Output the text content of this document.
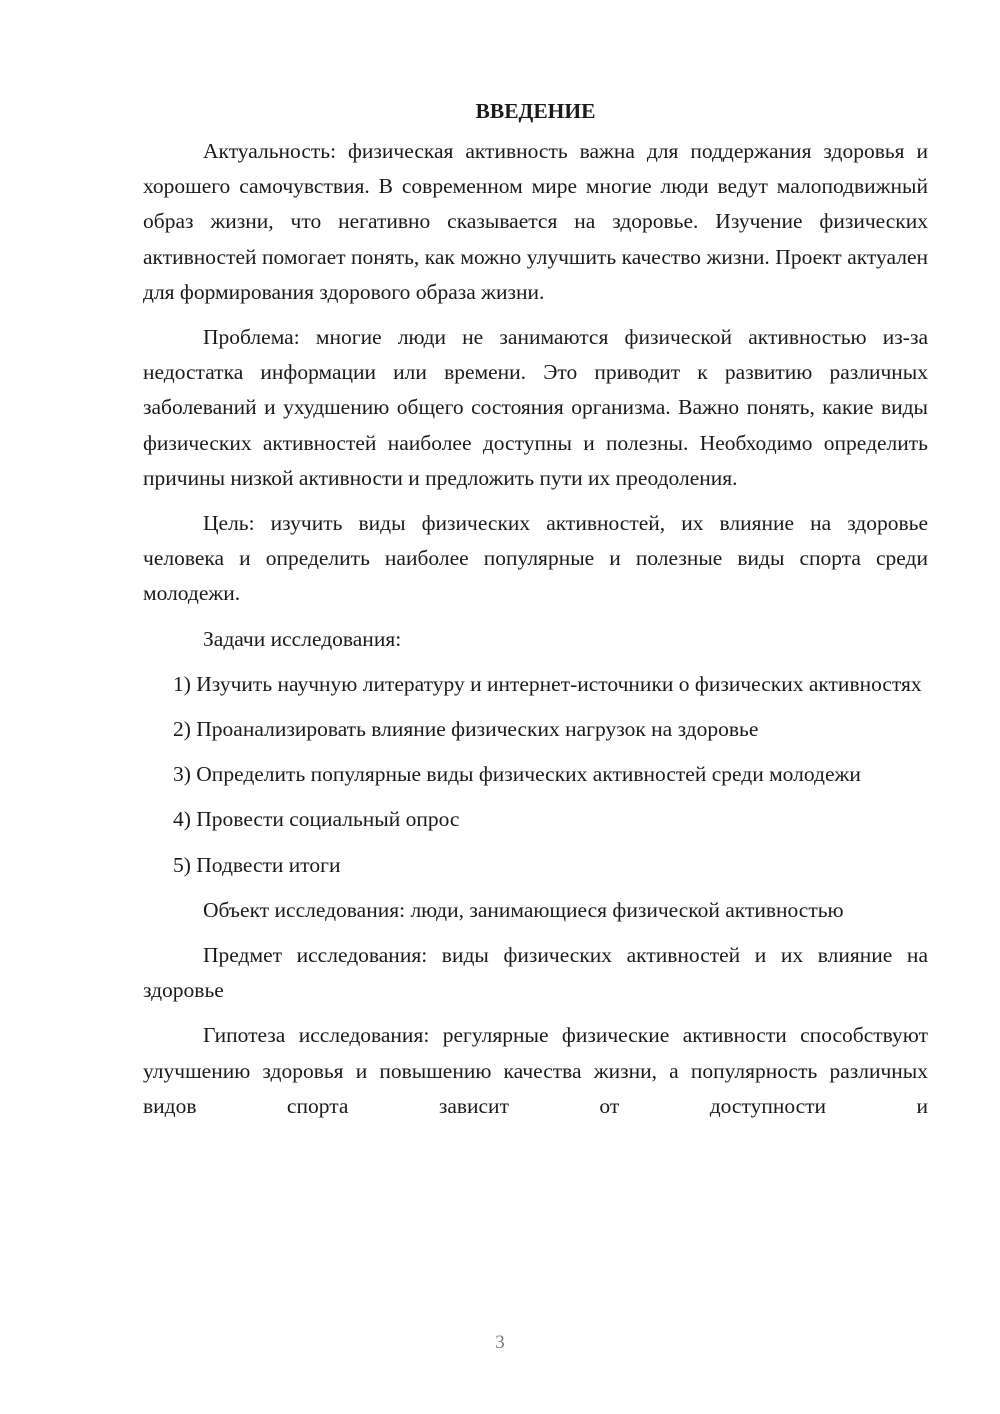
ВВЕДЕНИЕ

Актуальность: физическая активность важна для поддержания здоровья и хорошего самочувствия. В современном мире многие люди ведут малоподвижный образ жизни, что негативно сказывается на здоровье. Изучение физических активностей помогает понять, как можно улучшить качество жизни. Проект актуален для формирования здорового образа жизни.

Проблема: многие люди не занимаются физической активностью из-за недостатка информации или времени. Это приводит к развитию различных заболеваний и ухудшению общего состояния организма. Важно понять, какие виды физических активностей наиболее доступны и полезны. Необходимо определить причины низкой активности и предложить пути их преодоления.

Цель: изучить виды физических активностей, их влияние на здоровье человека и определить наиболее популярные и полезные виды спорта среди молодежи.

Задачи исследования:

1) Изучить научную литературу и интернет-источники о физических активностях

2) Проанализировать влияние физических нагрузок на здоровье

3) Определить популярные виды физических активностей среди молодежи

4) Провести социальный опрос

5) Подвести итоги

Объект исследования: люди, занимающиеся физической активностью

Предмет исследования: виды физических активностей и их влияние на здоровье

Гипотеза исследования: регулярные физические активности способствуют улучшению здоровья и повышению качества жизни, а популярность различных видов спорта зависит от доступности и

3
